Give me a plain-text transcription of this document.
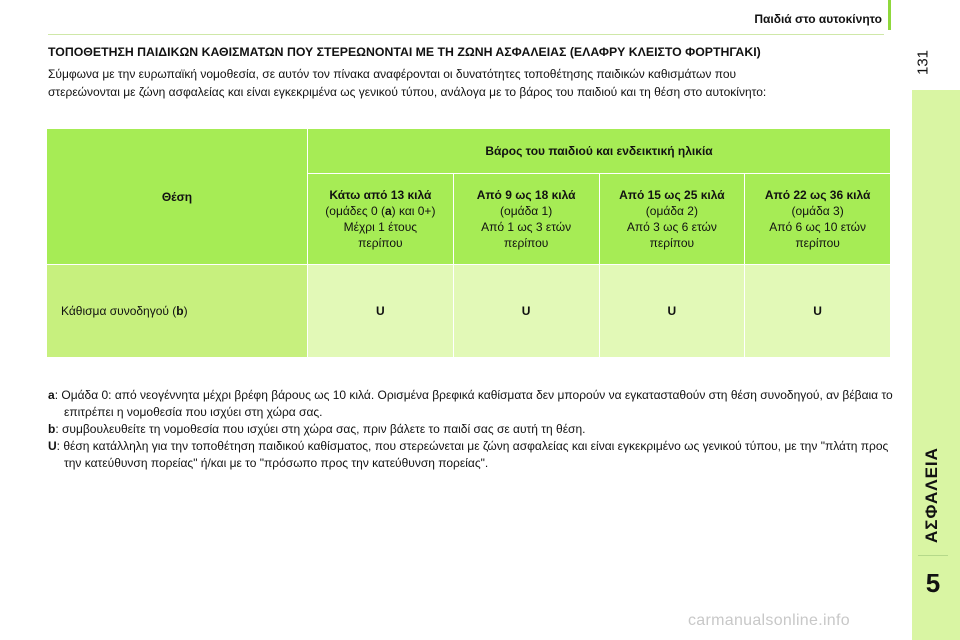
Παιδιά στο αυτοκίνητο
131
ΑΣΦΑΛΕΙΑ
5
ΤΟΠΟΘΕΤΗΣΗ ΠΑΙΔΙΚΩΝ ΚΑΘΙΣΜΑΤΩΝ ΠΟΥ ΣΤΕΡΕΩΝΟΝΤΑΙ ΜΕ ΤΗ ΖΩΝΗ ΑΣΦΑΛΕΙΑΣ (ΕΛΑΦΡΥ ΚΛΕΙΣΤΟ ΦΟΡΤΗΓΑΚΙ)
Σύμφωνα με την ευρωπαϊκή νομοθεσία, σε αυτόν τον πίνακα αναφέρονται οι δυνατότητες τοποθέτησης παιδικών καθισμάτων που
στερεώνονται με ζώνη ασφαλείας και είναι εγκεκριμένα ως γενικού τύπου, ανάλογα με το βάρος του παιδιού και τη θέση στο αυτοκίνητο:
Θέση	Βάρος του παιδιού και ενδεικτική ηλικία			
	Κάτω από 13 κιλά
(ομάδες 0 (a) και 0+)
Μέχρι 1 έτους
περίπου	Από 9 ως 18 κιλά
(ομάδα 1)
Από 1 ως 3 ετών
περίπου	Από 15 ως 25 κιλά
(ομάδα 2)
Από 3 ως 6 ετών
περίπου	Από 22 ως 36 κιλά
(ομάδα 3)
Από 6 ως 10 ετών
περίπου
Κάθισμα συνοδηγού (b)	U	U	U	U
a: Ομάδα 0: από νεογέννητα μέχρι βρέφη βάρους ως 10 κιλά. Ορισμένα βρεφικά καθίσματα δεν μπορούν να εγκατασταθούν στη θέση συνοδηγού, αν βέβαια το επιτρέπει η νομοθεσία που ισχύει στη χώρα σας.
b: συμβουλευθείτε τη νομοθεσία που ισχύει στη χώρα σας, πριν βάλετε το παιδί σας σε αυτή τη θέση.
U: θέση κατάλληλη για την τοποθέτηση παιδικού καθίσματος, που στερεώνεται με ζώνη ασφαλείας και είναι εγκεκριμένο ως γενικού τύπου, με την "πλάτη προς την κατεύθυνση πορείας" ή/και με το "πρόσωπο προς την κατεύθυνση πορείας".
carmanualsonline.info
